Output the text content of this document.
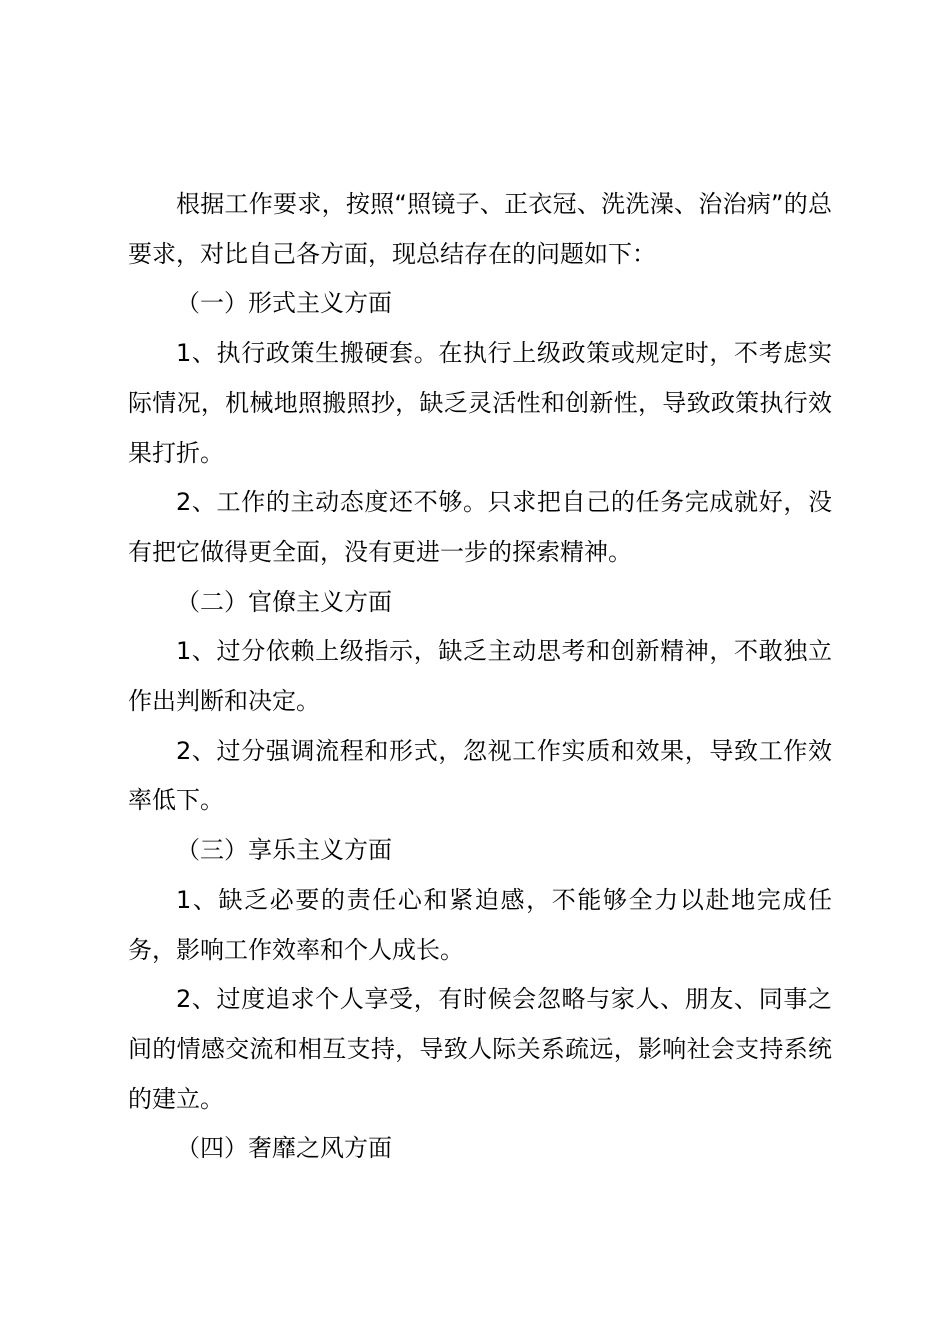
根据工作要求，按照“照镜子、正衣冠、洗洗澡、治治病”的总要求，对比自己各方面，现总结存在的问题如下：

（一）形式主义方面

1、执行政策生搬硬套。在执行上级政策或规定时，不考虑实际情况，机械地照搬照抄，缺乏灵活性和创新性，导致政策执行效果打折。

2、工作的主动态度还不够。只求把自己的任务完成就好，没有把它做得更全面，没有更进一步的探索精神。

（二）官僚主义方面

1、过分依赖上级指示，缺乏主动思考和创新精神，不敢独立作出判断和决定。

2、过分强调流程和形式，忽视工作实质和效果，导致工作效率低下。

（三）享乐主义方面

1、缺乏必要的责任心和紧迫感，不能够全力以赴地完成任务，影响工作效率和个人成长。

2、过度追求个人享受，有时候会忽略与家人、朋友、同事之间的情感交流和相互支持，导致人际关系疏远，影响社会支持系统的建立。

（四）奢靡之风方面
